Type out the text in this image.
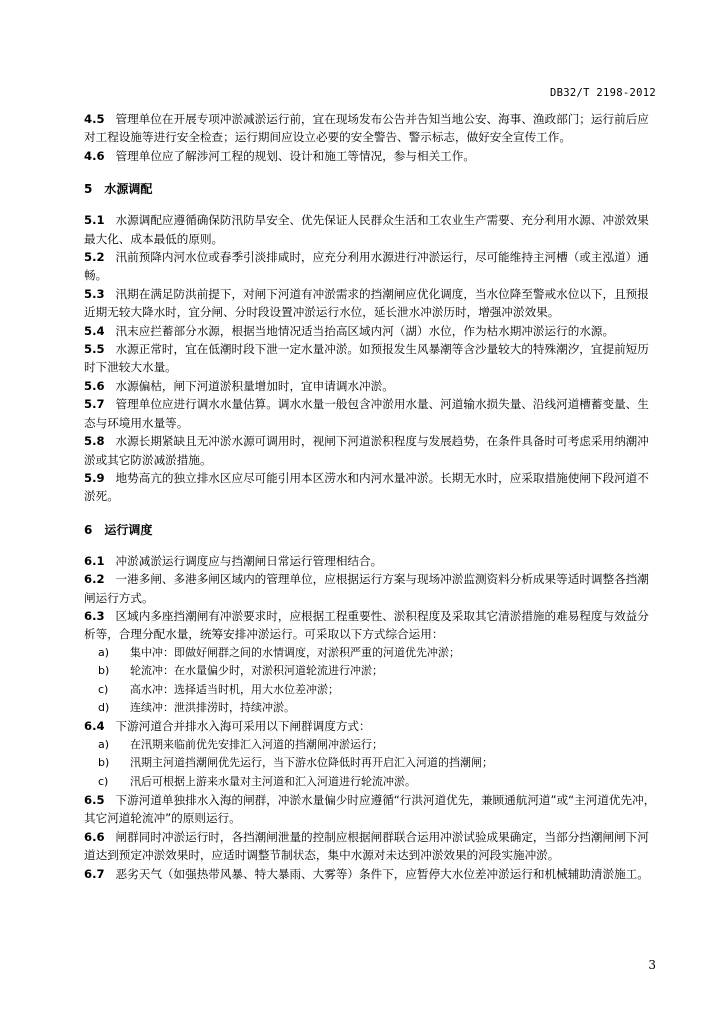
DB32/T 2198-2012

4.5 管理单位在开展专项冲淤减淤运行前，宜在现场发布公告并告知当地公安、海事、渔政部门；运行前后应对工程设施等进行安全检查；运行期间应设立必要的安全警告、警示标志，做好安全宣传工作。

4.6 管理单位应了解涉河工程的规划、设计和施工等情况，参与相关工作。

5 水源调配

5.1 水源调配应遵循确保防汛防旱安全、优先保证人民群众生活和工农业生产需要、充分利用水源、冲淤效果最大化、成本最低的原则。

5.2 汛前预降内河水位或春季引淡排咸时，应充分利用水源进行冲淤运行，尽可能维持主河槽（或主泓道）通畅。

5.3 汛期在满足防洪前提下，对闸下河道有冲淤需求的挡潮闸应优化调度，当水位降至警戒水位以下，且预报近期无较大降水时，宜分闸、分时段设置冲淤运行水位，延长泄水冲淤历时，增强冲淤效果。

5.4 汛末应拦蓄部分水源，根据当地情况适当抬高区域内河（湖）水位，作为枯水期冲淤运行的水源。

5.5 水源正常时，宜在低潮时段下泄一定水量冲淤。如预报发生风暴潮等含沙量较大的特殊潮汐，宜提前短历时下泄较大水量。

5.6 水源偏枯，闸下河道淤积量增加时，宜申请调水冲淤。

5.7 管理单位应进行调水水量估算。调水水量一般包含冲淤用水量、河道输水损失量、沿线河道槽蓄变量、生态与环境用水量等。

5.8 水源长期紧缺且无冲淤水源可调用时，视闸下河道淤积程度与发展趋势，在条件具备时可考虑采用纳潮冲淤或其它防淤减淤措施。

5.9 地势高亢的独立排水区应尽可能引用本区涝水和内河水量冲淤。长期无水时，应采取措施使闸下段河道不淤死。

6 运行调度

6.1 冲淤减淤运行调度应与挡潮闸日常运行管理相结合。

6.2 一港多闸、多港多闸区域内的管理单位，应根据运行方案与现场冲淤监测资料分析成果等适时调整各挡潮闸运行方式。

6.3 区域内多座挡潮闸有冲淤要求时，应根据工程重要性、淤积程度及采取其它清淤措施的难易程度与效益分析等，合理分配水量，统筹安排冲淤运行。可采取以下方式综合运用：

a) 集中冲：即做好闸群之间的水情调度，对淤积严重的河道优先冲淤；
b) 轮流冲：在水量偏少时，对淤积河道轮流进行冲淤；
c) 高水冲：选择适当时机，用大水位差冲淤；
d) 连续冲：泄洪排涝时，持续冲淤。

6.4 下游河道合并排水入海可采用以下闸群调度方式：

a) 在汛期来临前优先安排汇入河道的挡潮闸冲淤运行；
b) 汛期主河道挡潮闸优先运行，当下游水位降低时再开启汇入河道的挡潮闸；
c) 汛后可根据上游来水量对主河道和汇入河道进行轮流冲淤。

6.5 下游河道单独排水入海的闸群，冲淤水量偏少时应遵循“行洪河道优先，兼顾通航河道”或“主河道优先冲，其它河道轮流冲”的原则运行。

6.6 闸群同时冲淤运行时，各挡潮闸泄量的控制应根据闸群联合运用冲淤试验成果确定，当部分挡潮闸闸下河道达到预定冲淤效果时，应适时调整节制状态，集中水源对未达到冲淤效果的河段实施冲淤。

6.7 恶劣天气（如强热带风暴、特大暴雨、大雾等）条件下，应暂停大水位差冲淤运行和机械辅助清淤施工。

3
